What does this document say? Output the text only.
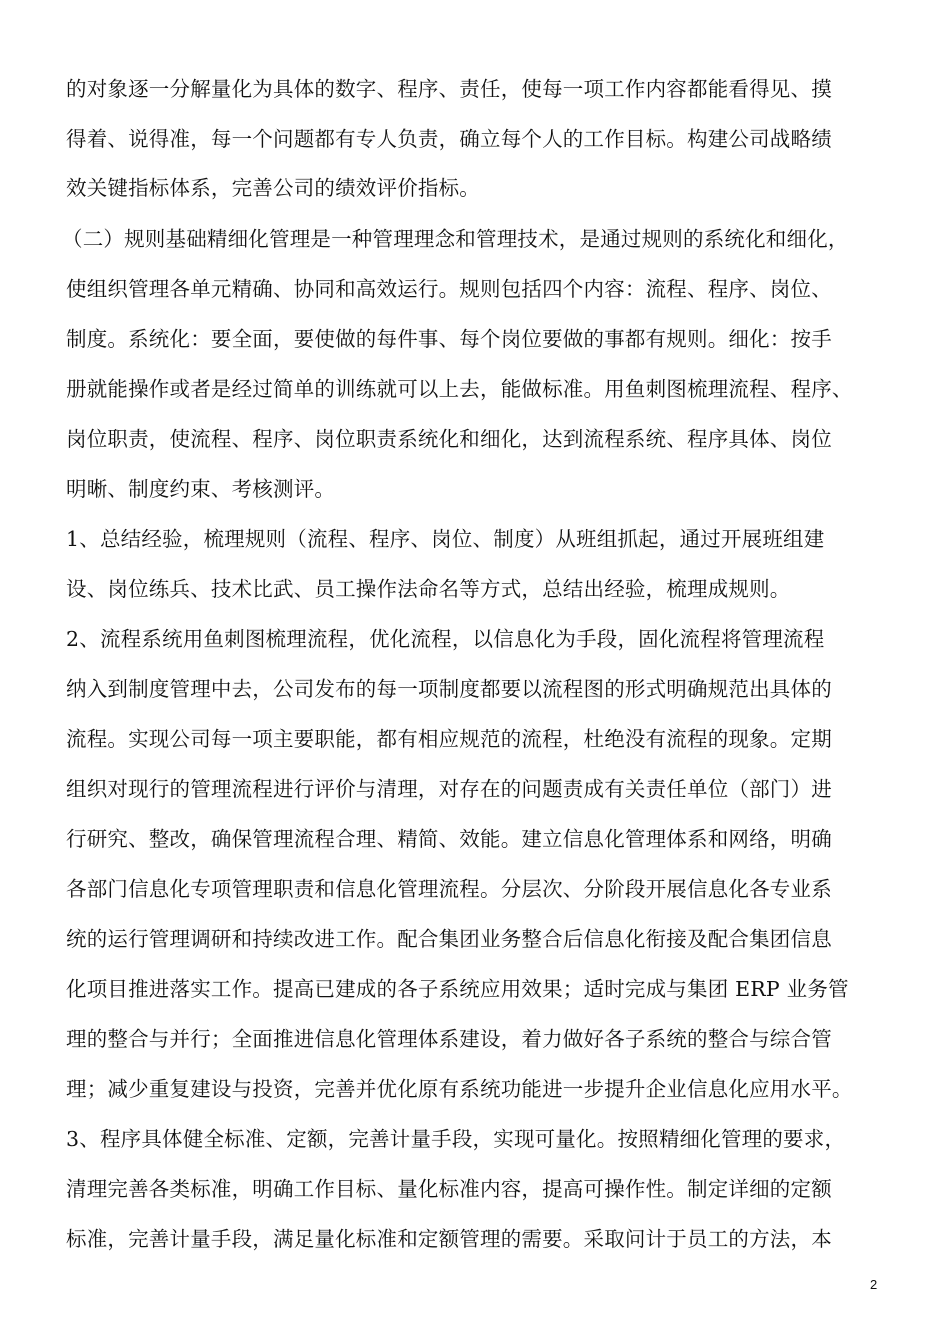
的对象逐一分解量化为具体的数字、程序、责任，使每一项工作内容都能看得见、摸
得着、说得准，每一个问题都有专人负责，确立每个人的工作目标。构建公司战略绩
效关键指标体系，完善公司的绩效评价指标。
（二）规则基础精细化管理是一种管理理念和管理技术，是通过规则的系统化和细化，
使组织管理各单元精确、协同和高效运行。规则包括四个内容：流程、程序、岗位、
制度。系统化：要全面，要使做的每件事、每个岗位要做的事都有规则。细化：按手
册就能操作或者是经过简单的训练就可以上去，能做标准。用鱼刺图梳理流程、程序、
岗位职责，使流程、程序、岗位职责系统化和细化，达到流程系统、程序具体、岗位
明晰、制度约束、考核测评。
1、总结经验，梳理规则（流程、程序、岗位、制度）从班组抓起，通过开展班组建
设、岗位练兵、技术比武、员工操作法命名等方式，总结出经验，梳理成规则。
2、流程系统用鱼刺图梳理流程，优化流程，以信息化为手段，固化流程将管理流程
纳入到制度管理中去，公司发布的每一项制度都要以流程图的形式明确规范出具体的
流程。实现公司每一项主要职能，都有相应规范的流程，杜绝没有流程的现象。定期
组织对现行的管理流程进行评价与清理，对存在的问题责成有关责任单位（部门）进
行研究、整改，确保管理流程合理、精简、效能。建立信息化管理体系和网络，明确
各部门信息化专项管理职责和信息化管理流程。分层次、分阶段开展信息化各专业系
统的运行管理调研和持续改进工作。配合集团业务整合后信息化衔接及配合集团信息
化项目推进落实工作。提高已建成的各子系统应用效果；适时完成与集团 ERP 业务管
理的整合与并行；全面推进信息化管理体系建设，着力做好各子系统的整合与综合管
理；减少重复建设与投资，完善并优化原有系统功能进一步提升企业信息化应用水平。
3、程序具体健全标准、定额，完善计量手段，实现可量化。按照精细化管理的要求，
清理完善各类标准，明确工作目标、量化标准内容，提高可操作性。制定详细的定额
标准，完善计量手段，满足量化标准和定额管理的需要。采取问计于员工的方法，本
2
